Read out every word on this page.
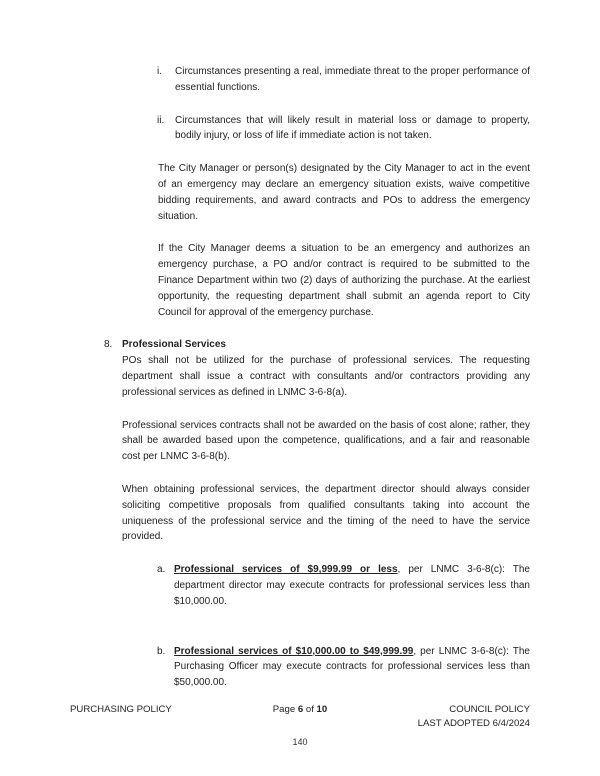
i.	Circumstances presenting a real, immediate threat to the proper performance of essential functions.
ii.	Circumstances that will likely result in material loss or damage to property, bodily injury, or loss of life if immediate action is not taken.
The City Manager or person(s) designated by the City Manager to act in the event of an emergency may declare an emergency situation exists, waive competitive bidding requirements, and award contracts and POs to address the emergency situation.
If the City Manager deems a situation to be an emergency and authorizes an emergency purchase, a PO and/or contract is required to be submitted to the Finance Department within two (2) days of authorizing the purchase. At the earliest opportunity, the requesting department shall submit an agenda report to City Council for approval of the emergency purchase.
8. Professional Services
POs shall not be utilized for the purchase of professional services. The requesting department shall issue a contract with consultants and/or contractors providing any professional services as defined in LNMC 3-6-8(a).
Professional services contracts shall not be awarded on the basis of cost alone; rather, they shall be awarded based upon the competence, qualifications, and a fair and reasonable cost per LNMC 3-6-8(b).
When obtaining professional services, the department director should always consider soliciting competitive proposals from qualified consultants taking into account the uniqueness of the professional service and the timing of the need to have the service provided.
a. Professional services of $9,999.99 or less, per LNMC 3-6-8(c): The department director may execute contracts for professional services less than $10,000.00.
b. Professional services of $10,000.00 to $49,999.99, per LNMC 3-6-8(c): The Purchasing Officer may execute contracts for professional services less than $50,000.00.
PURCHASING POLICY	Page 6 of 10	COUNCIL POLICY
LAST ADOPTED 6/4/2024
140
